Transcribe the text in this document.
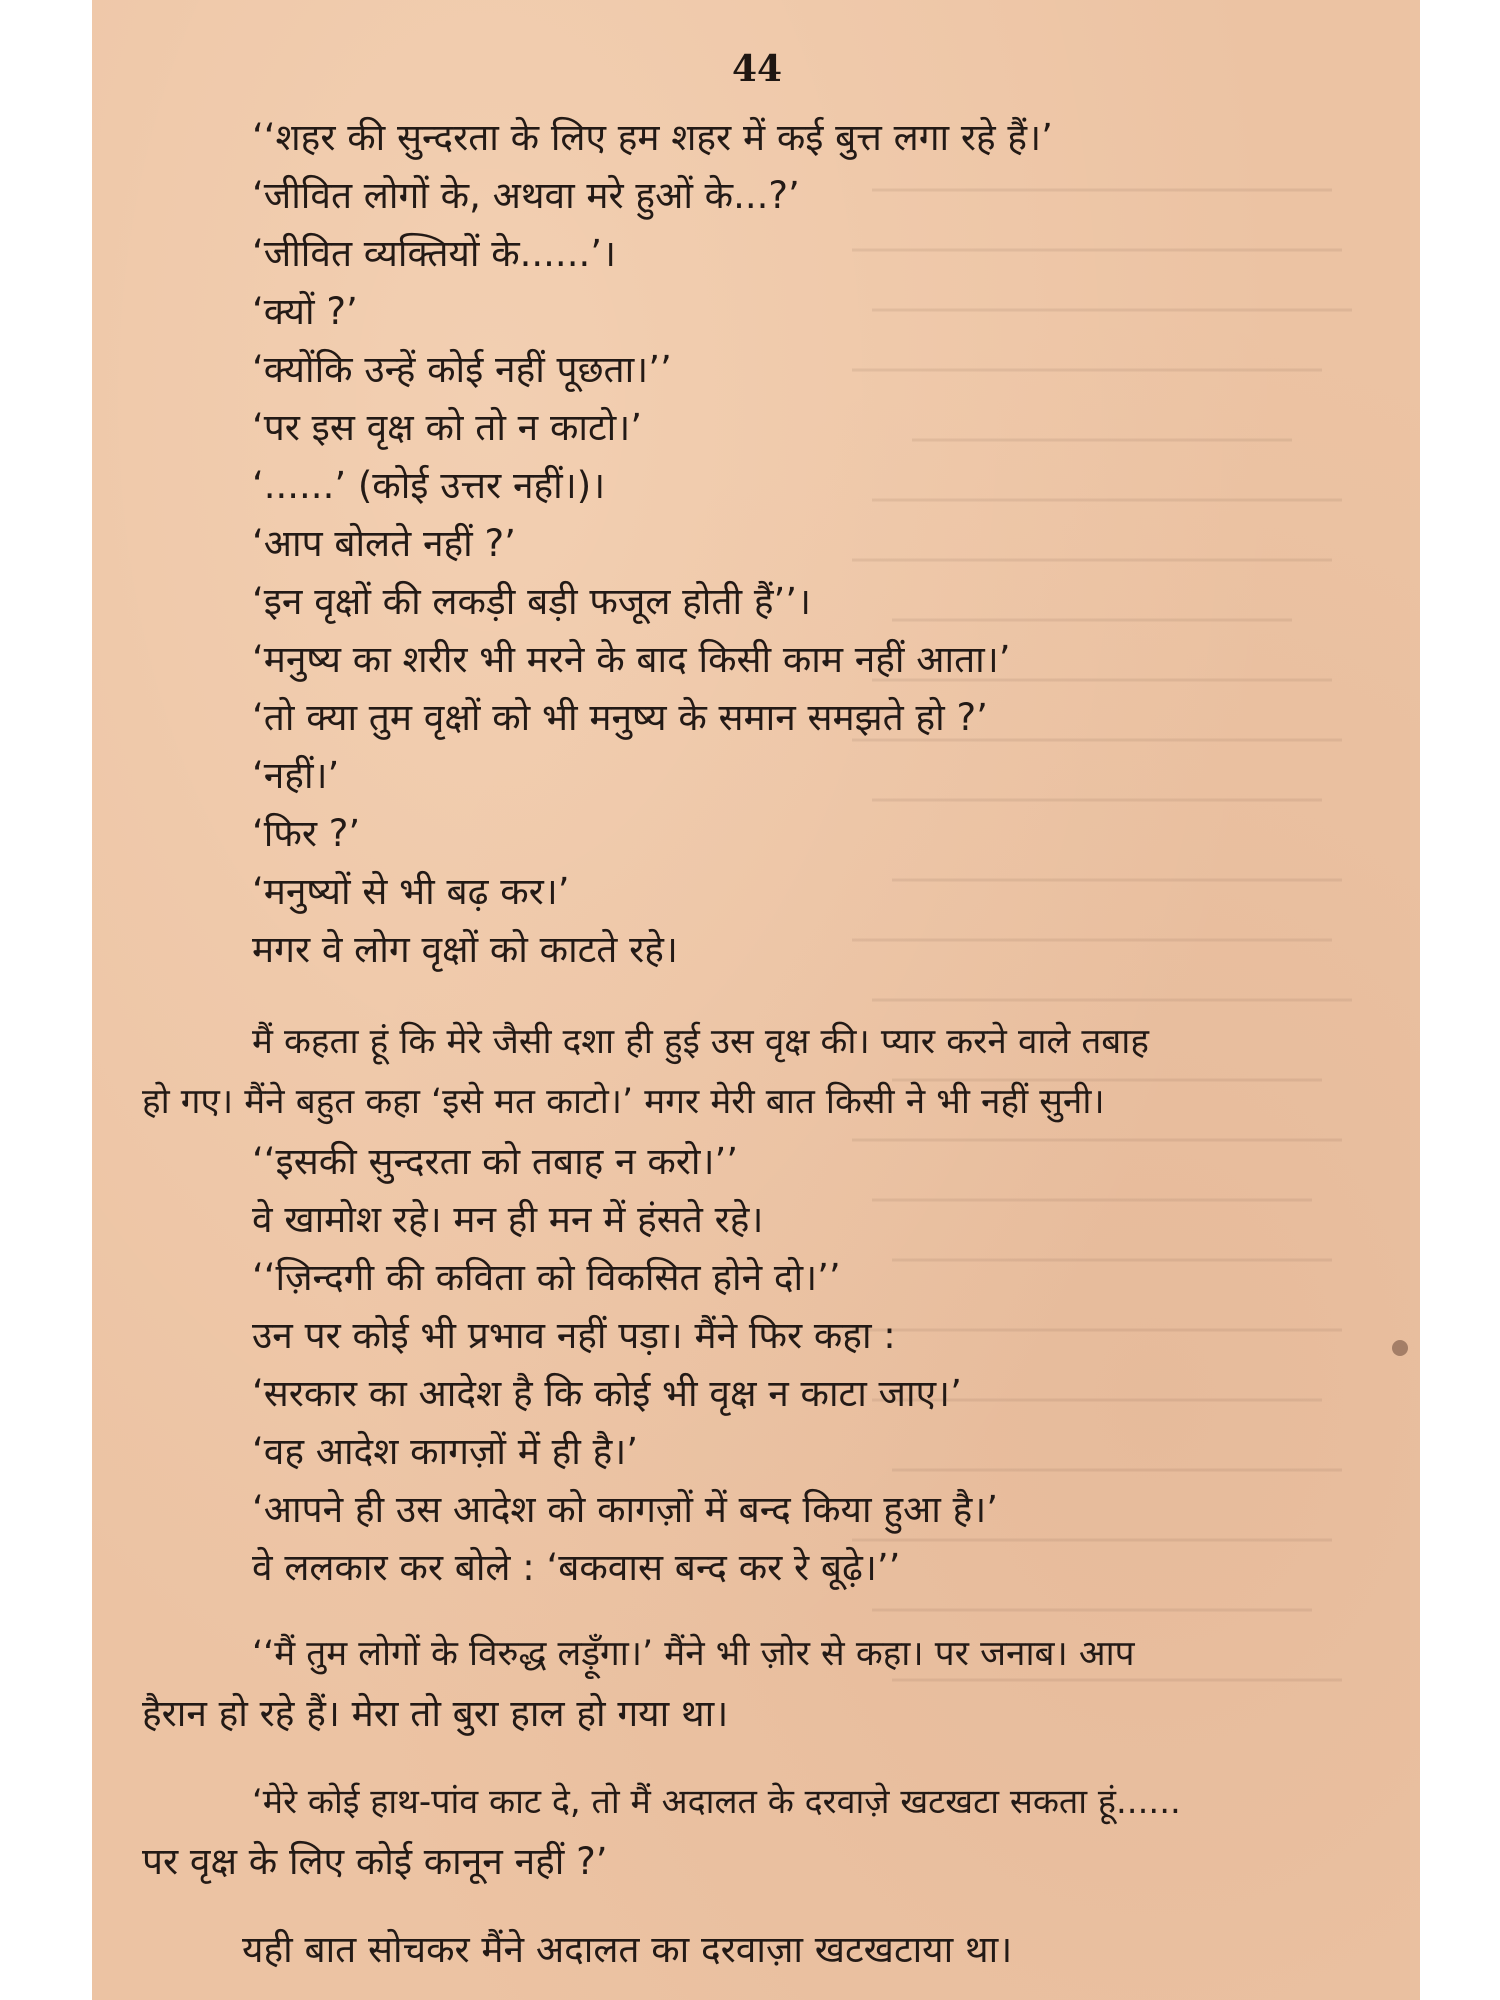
44
‘‘शहर की सुन्दरता के लिए हम शहर में कई बुत्त लगा रहे हैं।’
‘जीवित लोगों के, अथवा मरे हुओं के...?’
‘जीवित व्यक्तियों के......’।
‘क्यों ?’
‘क्योंकि उन्हें कोई नहीं पूछता।’’
‘पर इस वृक्ष को तो न काटो।’
‘......’ (कोई उत्तर नहीं।)।
‘आप बोलते नहीं ?’
‘इन वृक्षों की लकड़ी बड़ी फजूल होती हैं’’।
‘मनुष्य का शरीर भी मरने के बाद किसी काम नहीं आता।’
‘तो क्या तुम वृक्षों को भी मनुष्य के समान समझते हो ?’
‘नहीं।’
‘फिर ?’
‘मनुष्यों से भी बढ़ कर।’
मगर वे लोग वृक्षों को काटते रहे।
मैं कहता हूं कि मेरे जैसी दशा ही हुई उस वृक्ष की। प्यार करने वाले तबाह
हो गए। मैंने बहुत कहा ‘इसे मत काटो।’ मगर मेरी बात किसी ने भी नहीं सुनी।
‘‘इसकी सुन्दरता को तबाह न करो।’’
वे खामोश रहे। मन ही मन में हंसते रहे।
‘‘ज़िन्दगी की कविता को विकसित होने दो।’’
उन पर कोई भी प्रभाव नहीं पड़ा। मैंने फिर कहा :
‘सरकार का आदेश है कि कोई भी वृक्ष न काटा जाए।’
‘वह आदेश कागज़ों में ही है।’
‘आपने ही उस आदेश को कागज़ों में बन्द किया हुआ है।’
वे ललकार कर बोले : ‘बकवास बन्द कर रे बूढ़े।’’
‘‘मैं तुम लोगों के विरुद्ध लड़ूँगा।’ मैंने भी ज़ोर से कहा। पर जनाब। आप
हैरान हो रहे हैं। मेरा तो बुरा हाल हो गया था।
‘मेरे कोई हाथ-पांव काट दे, तो मैं अदालत के दरवाज़े खटखटा सकता हूं......
पर वृक्ष के लिए कोई कानून नहीं ?’
यही बात सोचकर मैंने अदालत का दरवाज़ा खटखटाया था।
